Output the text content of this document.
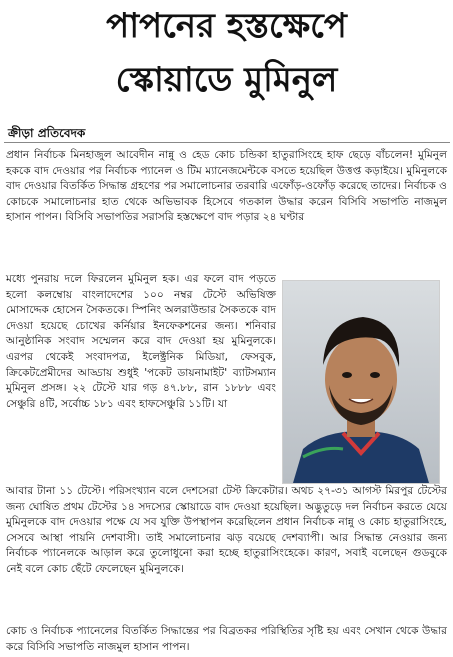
পাপনের হস্তক্ষেপে
স্কোয়াডে মুমিনুল
ক্রীড়া প্রতিবেদক

প্রধান নির্বাচক মিনহাজুল আবেদীন নান্নু ও হেড কোচ চন্ডিকা হাতুরাসিংহে হাফ ছেড়ে বাঁচলেন! মুমিনুল হককে বাদ দেওয়ার পর নির্বাচক প্যানেল ও টিম ম্যানেজমেন্টকে বসতে হয়েছিল উত্তপ্ত কড়াইয়ে। মুমিনুলকে বাদ দেওয়ার বিতর্কিত সিদ্ধান্ত গ্রহণের পর সমালোচনার তরবারি এফোঁড়-ওফোঁড় করেছে তাদের। নির্বাচক ও কোচকে সমালোচনার হাত থেকে অভিভাবক হিসেবে গতকাল উদ্ধার করেন বিসিবি সভাপতি নাজমুল হাসান পাপন। বিসিবি সভাপতির সরাসরি হস্তক্ষেপে বাদ পড়ার ২৪ ঘণ্টার

মধ্যে পুনরায় দলে ফিরলেন মুমিনুল হক। এর ফলে বাদ পড়তে হলো কলম্বোয় বাংলাদেশের ১০০ নম্বর টেস্টে অভিষিক্ত মোসাদ্দেক হোসেন সৈকতকে। স্পিনিং অলরাউন্ডার সৈকতকে বাদ দেওয়া হয়েছে চোখের কর্নিয়ার ইনফেকশনের জন্য। শনিবার আনুষ্ঠানিক সংবাদ সম্মেলন করে বাদ দেওয়া হয় মুমিনুলকে। এরপর থেকেই সংবাদপত্র, ইলেক্ট্রনিক মিডিয়া, ফেসবুক, ক্রিকেটপ্রেমীদের আড্ডায় শুধুই 'পকেট ডায়নামাইট' ব্যাটসম্যান মুমিনুল প্রসঙ্গ। ২২ টেস্টে যার গড় ৪৭.৮৮, রান ১৮৮৮ এবং সেঞ্চুরি ৪টি, সর্বোচ্চ ১৮১ এবং হাফসেঞ্চুরি ১১টি। যা

আবার টানা ১১ টেস্টে। পরিসংখ্যান বলে দেশসেরা টেস্ট ক্রিকেটার। অথচ ২৭-৩১ আগস্ট মিরপুর টেস্টের জন্য ঘোষিত প্রথম টেস্টের ১৪ সদস্যের স্কোয়াডে বাদ দেওয়া হয়েছিল। অদ্ভুতুড়ে দল নির্বাচন করতে যেয়ে মুমিনুলকে বাদ দেওয়ার পক্ষে যে সব যুক্তি উপস্থাপন করেছিলেন প্রধান নির্বাচক নান্নু ও কোচ হাতুরাসিংহে, সেসবে আস্থা পায়নি দেশবাসী। তাই সমালোচনার ঝড় বয়েছে দেশব্যাপী। আর সিদ্ধান্ত নেওয়ার জন্য নির্বাচক প্যানেলকে আড়াল করে তুলোধুনো করা হচ্ছে হাতুরাসিংহেকে। কারণ, সবাই বলেছেন গুডবুকে নেই বলে কোচ ছেঁটে ফেলেছেন মুমিনুলকে।

কোচ ও নির্বাচক প্যানেলের বিতর্কিত সিদ্ধান্তের পর বিব্রতকর পরিস্থিতির সৃষ্টি হয় এবং সেখান থেকে উদ্ধার করে বিসিবি সভাপতি নাজমুল হাসান পাপন।
